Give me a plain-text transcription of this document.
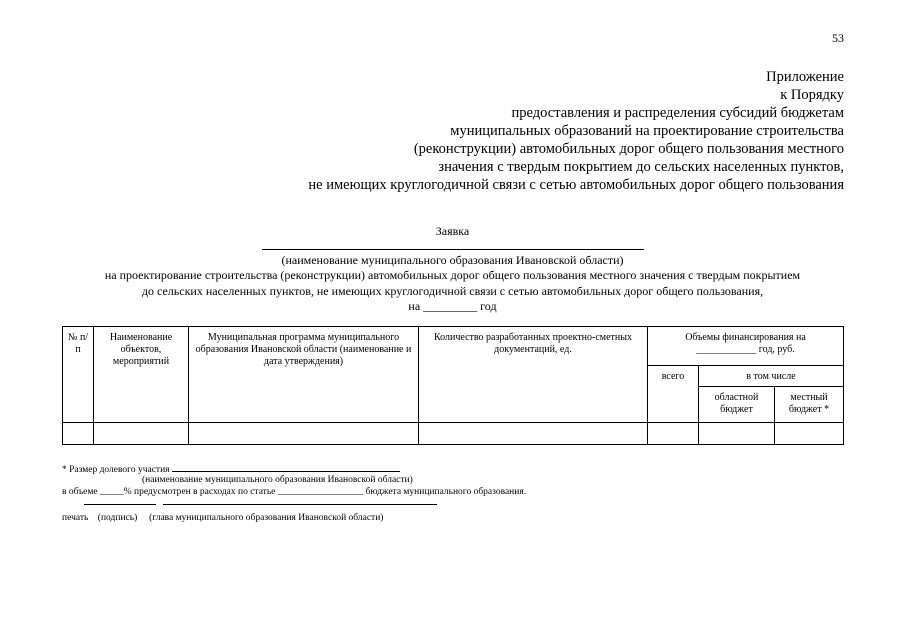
53
Приложение
к Порядку
предоставления и распределения субсидий бюджетам
муниципальных образований на проектирование строительства
(реконструкции) автомобильных дорог общего пользования местного
значения с твердым покрытием до сельских населенных пунктов,
не имеющих круглогодичной связи с сетью автомобильных дорог общего пользования
Заявка
(наименование муниципального образования Ивановской области)
на проектирование строительства (реконструкции) автомобильных дорог общего пользования местного значения с твердым покрытием
до сельских населенных пунктов, не имеющих круглогодичной связи с сетью автомобильных дорог общего пользования,
на _________ год
№ п/п	Наименование объектов, мероприятий	Муниципальная программа муниципального образования Ивановской области (наименование и дата утверждения)	Количество разработанных проектно-сметных документаций, ед.	Объемы финансирования на
____________ год, руб.		

				всего	в том числе	
					областной бюджет	местный бюджет *

* Размер долевого участия
(наименование муниципального образования Ивановской области)
в объеме _____% предусмотрен в расходах по статье __________________ бюджета муниципального образования.
печать (подпись) (глава муниципального образования Ивановской области)
